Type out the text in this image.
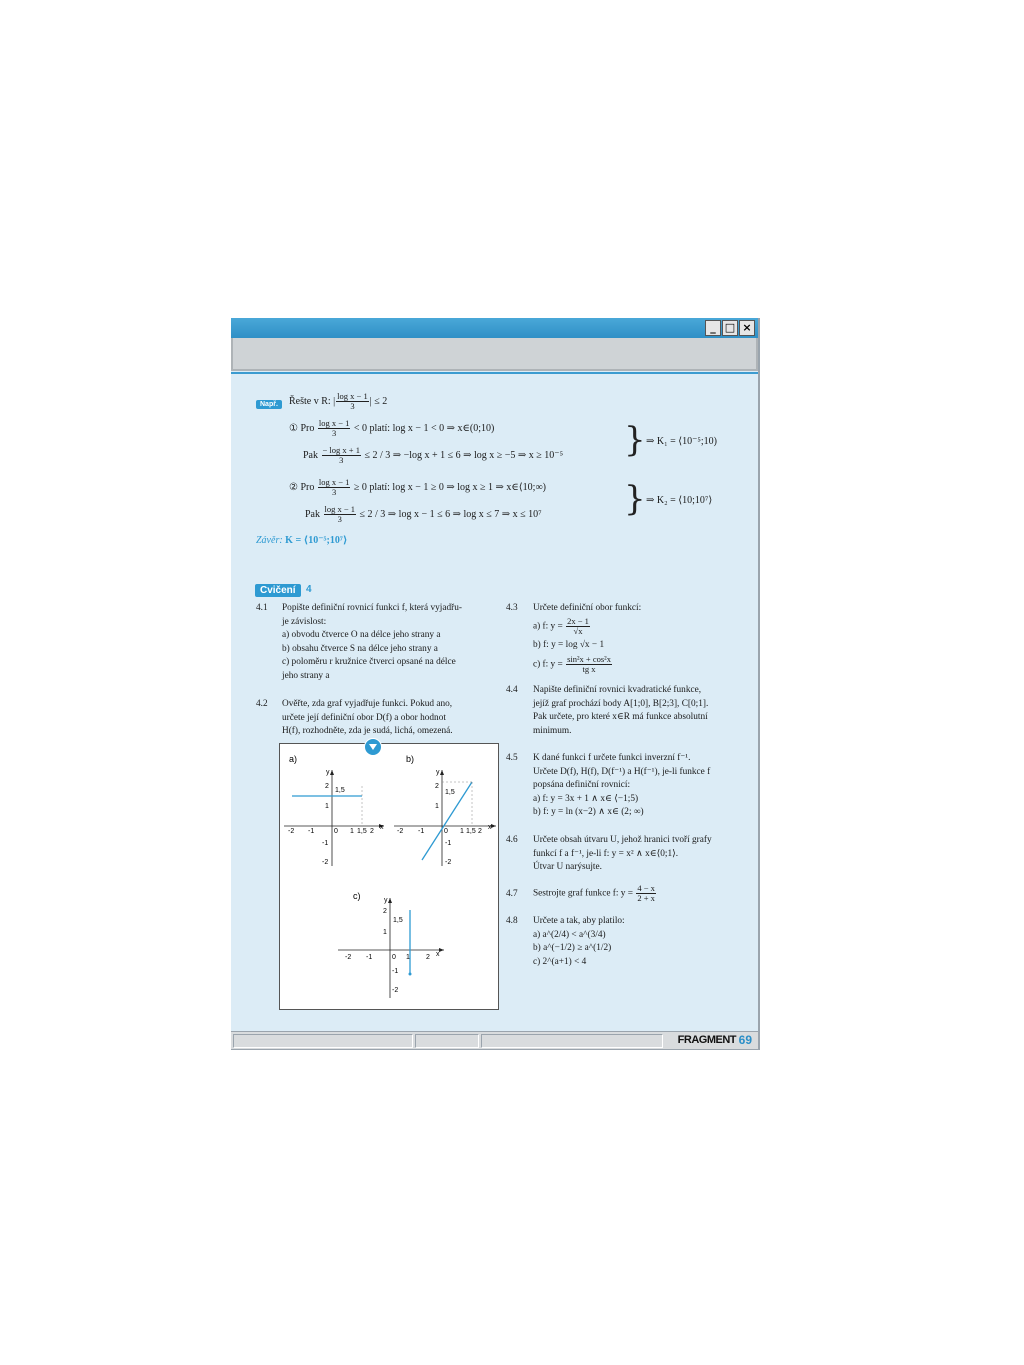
_ □ ×
FRAGMENT 69
Např.	Řešte v R: | $\frac{\text{log x − 1}}{3}$ | ≤ 2
① Pro $\frac{\text{log x − 1}}{3} < 0$ platí: log x − 1 < 0 ⇒ x∈(0;10)
Pak $\frac{\text{− log x + 1}}{3} \le 2 / 3$ ⇒ −log x + 1 ≤ 6 ⇒ log x ≥ −5 ⇒ x ≥ 10⁻⁵ } ⇒ K₁ = ⟨10⁻⁵;10)
② Pro $\frac{\text{log x − 1}}{3} \ge 0$ platí: log x − 1 ≥ 0 ⇒ log x ≥ 1 ⇒ x∈⟨10;∞)
Pak $\frac{\text{log x − 1}}{3} \le 2 / 3$ ⇒ log x − 1 ≤ 6 ⇒ log x ≤ 7 ⇒ x ≤ 10⁷ } ⇒ K₂ = ⟨10;10⁷⟩
Závěr: K = ⟨10⁻⁵;10⁷⟩
Cvičení	4
4.1 Popište definiční rovnicí funkci f, která vyjadřu-
je závislost:
a) obvodu čtverce O na délce jeho strany a
b) obsahu čtverce S na délce jeho strany a
c) poloměru r kružnice čtverci opsané na délce
jeho strany a
4.2 Ověřte, zda graf vyjadřuje funkci. Pokud ano,
určete její definiční obor D(f) a obor hodnot
H(f), rozhodněte, zda je sudá, lichá, omezená.
a)
x
y
-2 -1	0 1 1,5 2
2
1,5
1
-1
-2
b)
x
y
-2 -1	0 1 1,5 2
2
1,5
1
-1
-2
c)
x
y
-2 -1	0 1 2
2
1,5
1
-1
-2
4.3 Určete definiční obor funkcí:
a) f: $y = \frac{2x - 1}{√x}$
b) f: y = log √x − 1
c) f: $y = \frac{\text{sin²x + cos²x}}{\text{tg x}}$
4.4 Napište definiční rovnici kvadratické funkce,
jejíž graf prochází body A[1;0], B[2;3], C[0;1].
Pak určete, pro které x∈R má funkce absolutní
minimum.
4.5 K dané funkci f určete funkci inverzní f⁻¹.
Určete D(f), H(f), D(f⁻¹) a H(f⁻¹), je-li funkce f
popsána definiční rovnicí:
a) f: y = 3x + 1 ∧ x∈ ⟨−1;5)
b) f: y = ln (x−2) ∧ x∈ (2; ∞)
4.6 Určete obsah útvaru U, jehož hranici tvoří grafy
funkcí f a f⁻¹, je-li f: y = x² ∧ x∈⟨0;1⟩.
Útvar U narýsujte.
4.7 Sestrojte graf funkce f: $y = \frac{4 - x}{2 + x}$
4.8 Určete a tak, aby platilo:
a) a^(2/4) < a^(3/4)
b) a^(−1/2) ≥ a^(1/2)
c) 2^(a+1) < 4
